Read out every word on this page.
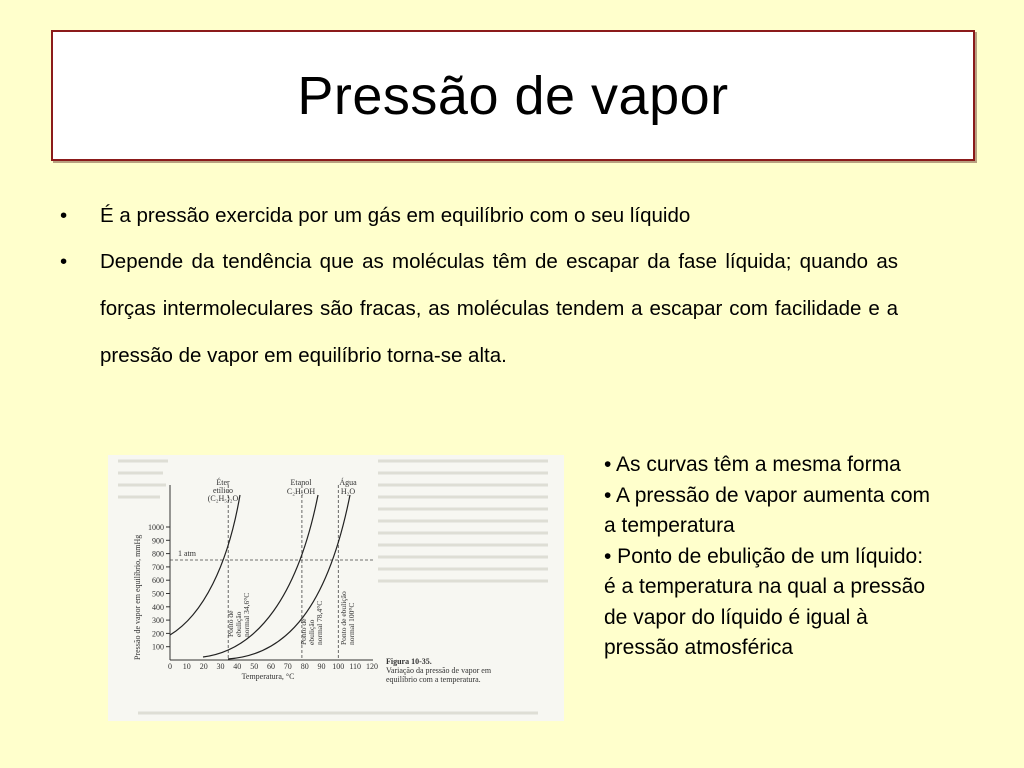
Pressão de vapor
• É a pressão exercida por um gás em equilíbrio com o seu líquido
• Depende da tendência que as moléculas têm de escapar da fase líquida; quando as forças intermoleculares são fracas, as moléculas tendem a escapar com facilidade e a pressão de vapor em equilíbrio torna-se alta.
1000
900
800
700
600
500
400
300
200
100
0 10 20 30 40 50 60 70 80 90 100 110 120
1 atm
Éter
etílico
(C₂H₅)₂O
Etanol
C₂H₅OH
Água
H₂O
Ponto de ebulição normal 34,6°C	Ponto de ebulição normal 78,4°C Ponto de ebulição normal 100°C
Pressão de vapor em equilíbrio, mmHg
Temperatura, °C
Figura 10-35.
Variação da pressão de vapor em equilíbrio com a temperatura.

• As curvas têm a mesma forma

• A pressão de vapor aumenta com a temperatura

• Ponto de ebulição de um líquido: é a temperatura na qual a pressão de vapor do líquido é igual à pressão atmosférica
